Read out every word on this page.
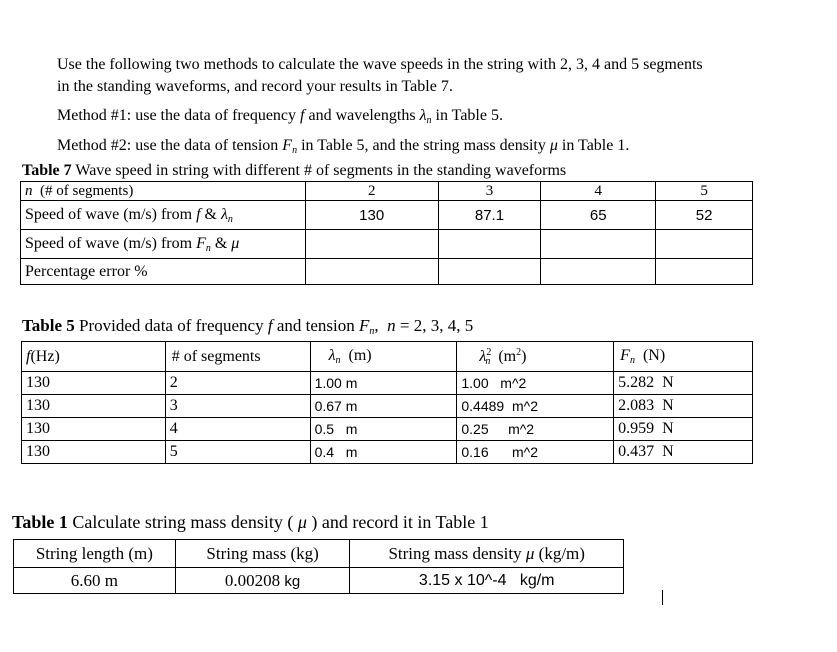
Use the following two methods to calculate the wave speeds in the string with 2, 3, 4 and 5 segments
in the standing waveforms, and record your results in Table 7.
Method #1: use the data of frequency f and wavelengths $\lambda_n$ in Table 5.
Method #2: use the data of tension $F_n$ in Table 5, and the string mass density μ in Table 1.
Table 7 Wave speed in string with different # of segments in the standing waveforms
n (# of segments)	2	3	4	5
Speed of wave (m/s) from f & $\lambda_n$	130	87.1	65	52
Speed of wave (m/s) from $F_n$ & μ				
Percentage error %				
Table 5 Provided data of frequency f and tension $F_n$, n = 2, 3, 4, 5
f(Hz)	# of segments	$\lambda_n$ (m)	$\lambda^2_n$ $(m^2)$	$F_n$ (N)
130	2	1.00 m	1.00   m^2	5.282  N
130	3	0.67 m	0.4489  m^2	2.083  N
130	4	0.5   m	0.25     m^2	0.959  N
130	5	0.4   m	0.16      m^2	0.437  N
Table 1 Calculate string mass density ( μ ) and record it in Table 1
String length (m)	String mass (kg)	String mass density μ (kg/m)
6.60 m	0.00208 kg	3.15 x 10^-4   kg/m
